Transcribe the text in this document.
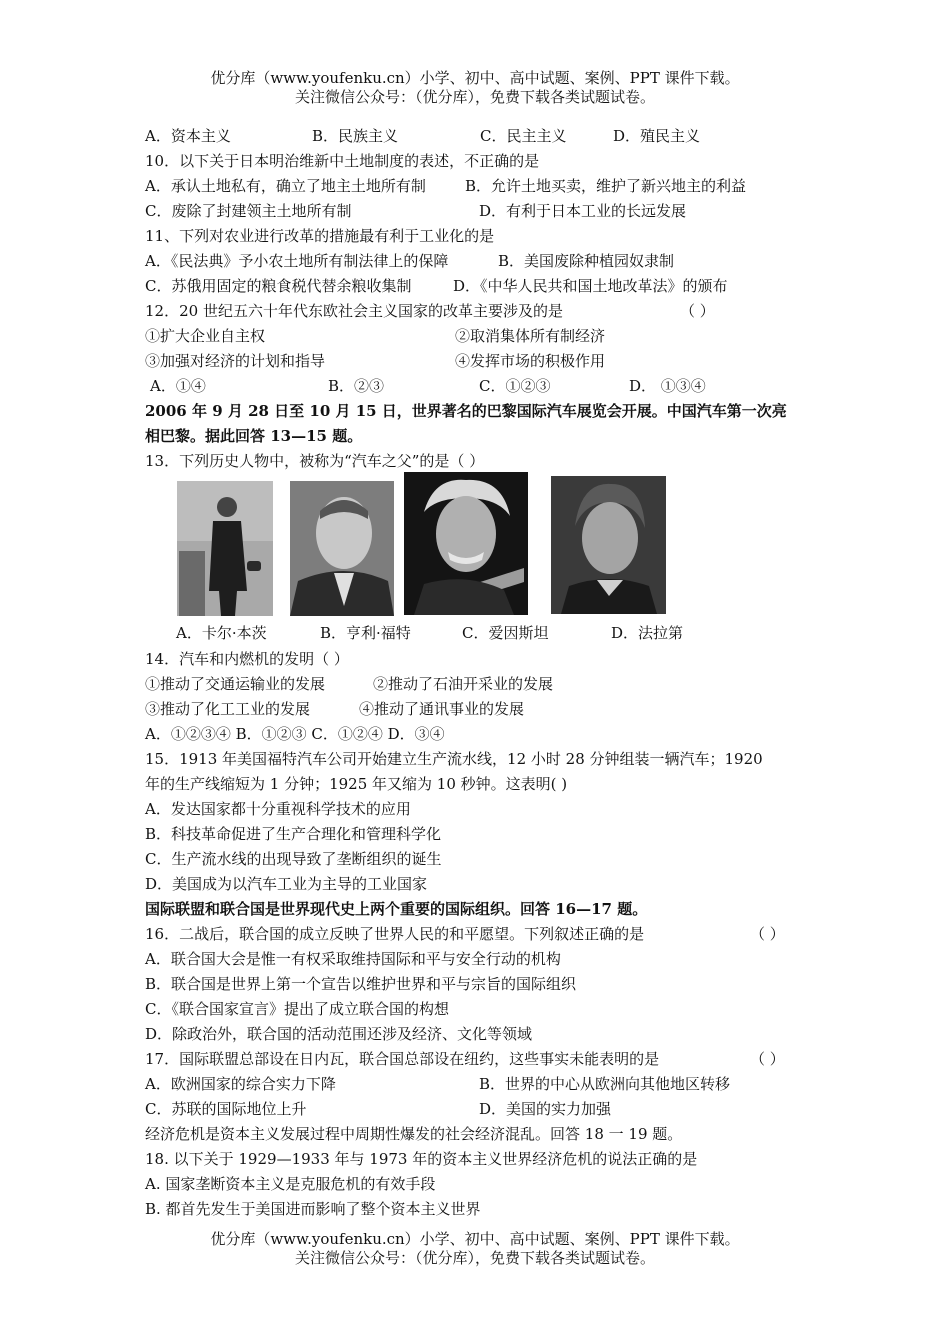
优分库（www.youfenku.cn）小学、初中、高中试题、案例、PPT 课件下载。
关注微信公众号：（优分库），免费下载各类试题试卷。
A．资本主义	B．民族主义	C．民主主义	D．殖民主义
10．以下关于日本明治维新中土地制度的表述，不正确的是
A．承认土地私有，确立了地主土地所有制	B．允许土地买卖，维护了新兴地主的利益
C．废除了封建领主土地所有制	D．有利于日本工业的长远发展
11、下列对农业进行改革的措施最有利于工业化的是
A．《民法典》予小农土地所有制法律上的保障	B．美国废除种植园奴隶制
C．苏俄用固定的粮食税代替余粮收集制	D．《中华人民共和国土地改革法》的颁布
12．20 世纪五六十年代东欧社会主义国家的改革主要涉及的是	（ ）
①扩大企业自主权	②取消集体所有制经济
③加强对经济的计划和指导	④发挥市场的积极作用
A．①④	B．②③	C．①②③	D． ①③④
2006 年 9 月 28 日至 10 月 15 日，世界著名的巴黎国际汽车展览会开展。中国汽车第一次亮
相巴黎。据此回答 13—15 题。
13．下列历史人物中，被称为“汽车之父”的是（ ）
A．卡尔·本茨	B．亨利·福特	C．爱因斯坦	D．法拉第
14．汽车和内燃机的发明（ ）
①推动了交通运输业的发展	②推动了石油开采业的发展
③推动了化工工业的发展	④推动了通讯事业的发展
A．①②③④ B．①②③ C．①②④ D．③④
15．1913 年美国福特汽车公司开始建立生产流水线，12 小时 28 分钟组装一辆汽车；1920
年的生产线缩短为 1 分钟；1925 年又缩为 10 秒钟。这表明( )
A．发达国家都十分重视科学技术的应用
B．科技革命促进了生产合理化和管理科学化
C．生产流水线的出现导致了垄断组织的诞生
D．美国成为以汽车工业为主导的工业国家
国际联盟和联合国是世界现代史上两个重要的国际组织。回答 16—17 题。
16．二战后，联合国的成立反映了世界人民的和平愿望。下列叙述正确的是	（ ）
A．联合国大会是惟一有权采取维持国际和平与安全行动的机构
B．联合国是世界上第一个宣告以维护世界和平与宗旨的国际组织
C．《联合国家宣言》提出了成立联合国的构想
D．除政治外，联合国的活动范围还涉及经济、文化等领域
17．国际联盟总部设在日内瓦，联合国总部设在纽约，这些事实未能表明的是	（ ）
A．欧洲国家的综合实力下降	B．世界的中心从欧洲向其他地区转移
C．苏联的国际地位上升	D．美国的实力加强
经济危机是资本主义发展过程中周期性爆发的社会经济混乱。回答 18 一 19 题。
18. 以下关于 1929—1933 年与 1973 年的资本主义世界经济危机的说法正确的是
A. 国家垄断资本主义是克服危机的有效手段
B. 都首先发生于美国进而影响了整个资本主义世界
优分库（www.youfenku.cn）小学、初中、高中试题、案例、PPT 课件下载。
关注微信公众号：（优分库），免费下载各类试题试卷。
